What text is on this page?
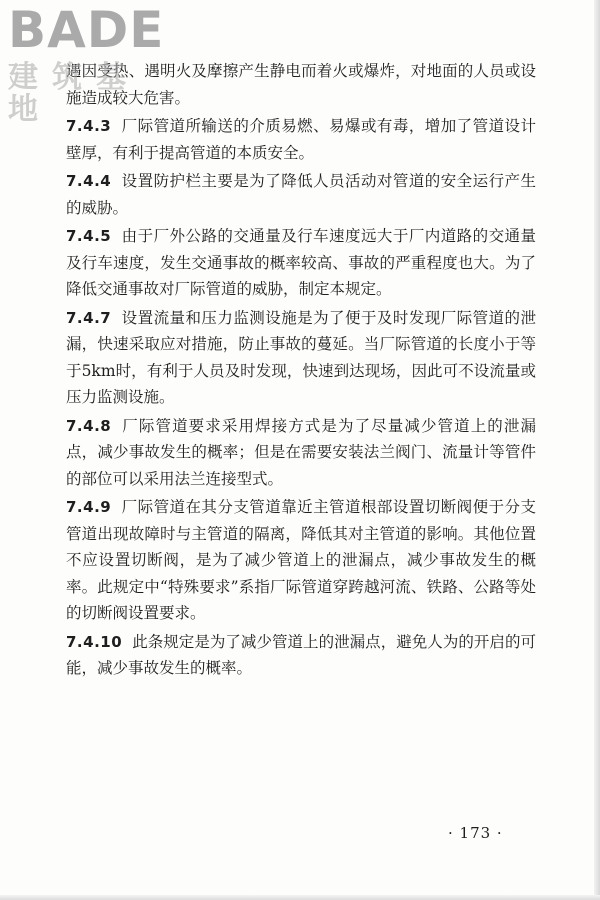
遇因受热、遇明火及摩擦产生静电而着火或爆炸，对地面的人员或设施造成较大危害。

7.4.3 厂际管道所输送的介质易燃、易爆或有毒，增加了管道设计壁厚，有利于提高管道的本质安全。

7.4.4 设置防护栏主要是为了降低人员活动对管道的安全运行产生的威胁。

7.4.5 由于厂外公路的交通量及行车速度远大于厂内道路的交通量及行车速度，发生交通事故的概率较高、事故的严重程度也大。为了降低交通事故对厂际管道的威胁，制定本规定。

7.4.7 设置流量和压力监测设施是为了便于及时发现厂际管道的泄漏，快速采取应对措施，防止事故的蔓延。当厂际管道的长度小于等于5km时，有利于人员及时发现，快速到达现场，因此可不设流量或压力监测设施。

7.4.8 厂际管道要求采用焊接方式是为了尽量减少管道上的泄漏点，减少事故发生的概率；但是在需要安装法兰阀门、流量计等管件的部位可以采用法兰连接型式。

7.4.9 厂际管道在其分支管道靠近主管道根部设置切断阀便于分支管道出现故障时与主管道的隔离，降低其对主管道的影响。其他位置不应设置切断阀，是为了减少管道上的泄漏点，减少事故发生的概率。此规定中“特殊要求”系指厂际管道穿跨越河流、铁路、公路等处的切断阀设置要求。

7.4.10 此条规定是为了减少管道上的泄漏点，避免人为的开启的可能，减少事故发生的概率。

· 173 ·
BADE
建筑基地
